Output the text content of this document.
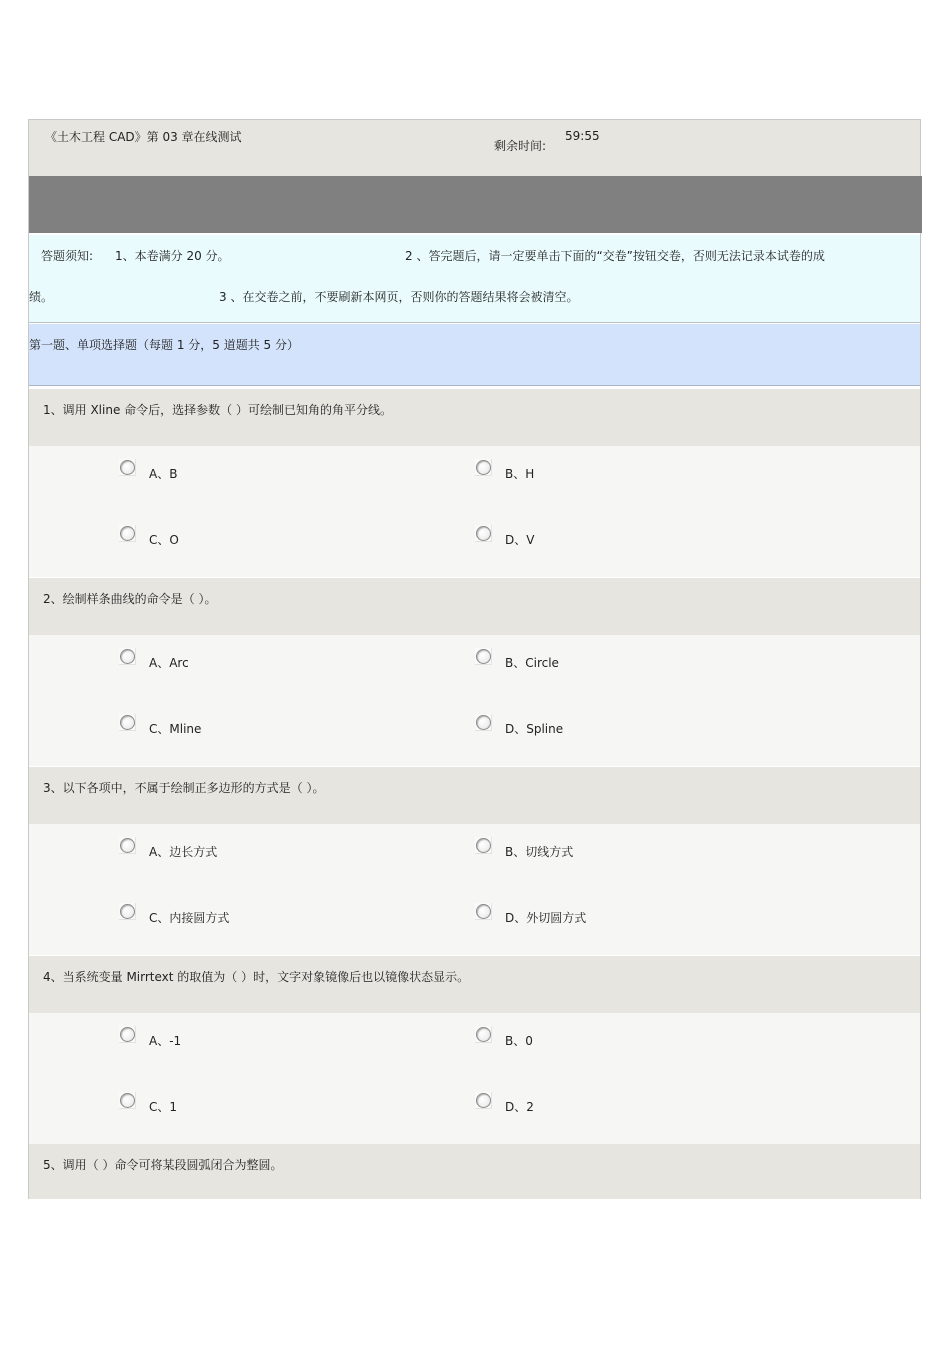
《土木工程 CAD》第 03 章在线测试
剩余时间:
59:55
答题须知: 1、本卷满分 20 分。	2 、答完题后，请一定要单击下面的“交卷”按钮交卷，否则无法记录本试卷的成
绩。	3 、在交卷之前，不要刷新本网页，否则你的答题结果将会被清空。
第一题、单项选择题（每题 1 分，5 道题共 5 分）
1、调用 Xline 命令后，选择参数（ ）可绘制已知角的角平分线。
A、B	B、H
C、O	D、V
2、绘制样条曲线的命令是（ ）。
A、Arc	B、Circle
C、Mline	D、Spline
3、以下各项中，不属于绘制正多边形的方式是（ ）。
A、边长方式	B、切线方式
C、内接圆方式	D、外切圆方式
4、当系统变量 Mirrtext 的取值为（ ）时，文字对象镜像后也以镜像状态显示。
A、-1	B、0
C、1	D、2
5、调用（ ）命令可将某段圆弧闭合为整圆。
